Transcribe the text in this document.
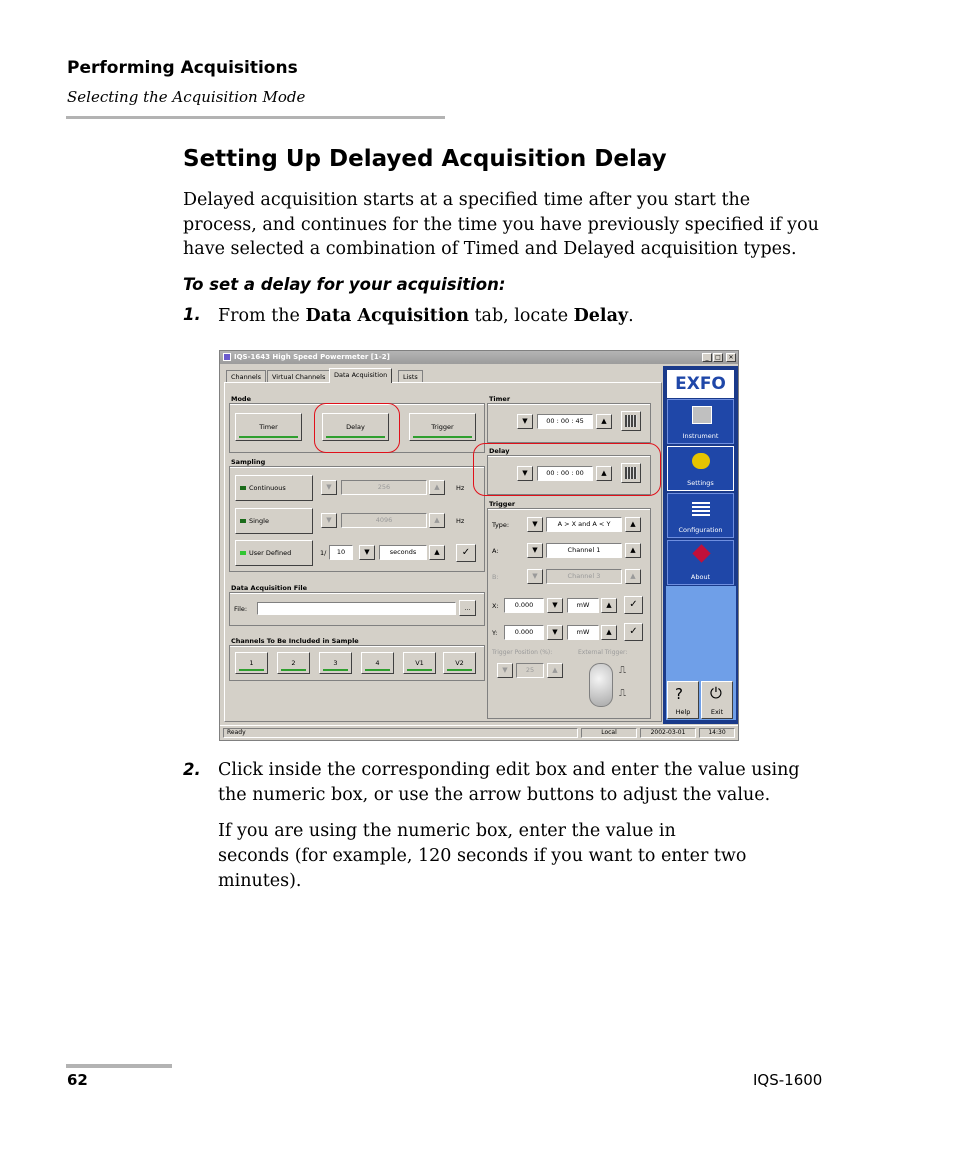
Performing Acquisitions
Selecting the Acquisition Mode
Setting Up Delayed Acquisition Delay
Delayed acquisition starts at a specified time after you start the process, and continues for the time you have previously specified if you have selected a combination of Timed and Delayed acquisition types.
To set a delay for your acquisition:
1. From the Data Acquisition tab, locate Delay.
IQS-1643 High Speed Powermeter [1-2]	_	□	✕
Channels	Virtual Channels	Data Acquisition	Lists
Mode
Timer	Delay	Trigger
Sampling
Continuous	▼	256	▲	Hz
Single	▼	4096	▲	Hz
User Defined	1/	10	▼	seconds	▲	✓
Data Acquisition File
File:	...
Channels To Be Included in Sample
1	2	3	4	V1	V2
Timer
▼	00 : 00 : 45	▲
Delay
▼	00 : 00 : 00	▲
Trigger
Type:	▼	A > X and A < Y	▲
A:	▼	Channel 1	▲
B:	▼	Channel 3	▲
X:	0.000	▼	mW	▲	✓
Y:	0.000	▼	mW	▲	✓
Trigger Position (%):
▼	25	▲
External Trigger:
⎍
⎍
EXFO
Instrument
Settings
Configuration
About
?
Help
⏻
Exit
Ready	Local	2002-03-01	14:30
2. Click inside the corresponding edit box and enter the value using the numeric box, or use the arrow buttons to adjust the value.
If you are using the numeric box, enter the value in seconds (for example, 120 seconds if you want to enter two minutes).
62	IQS-1600
